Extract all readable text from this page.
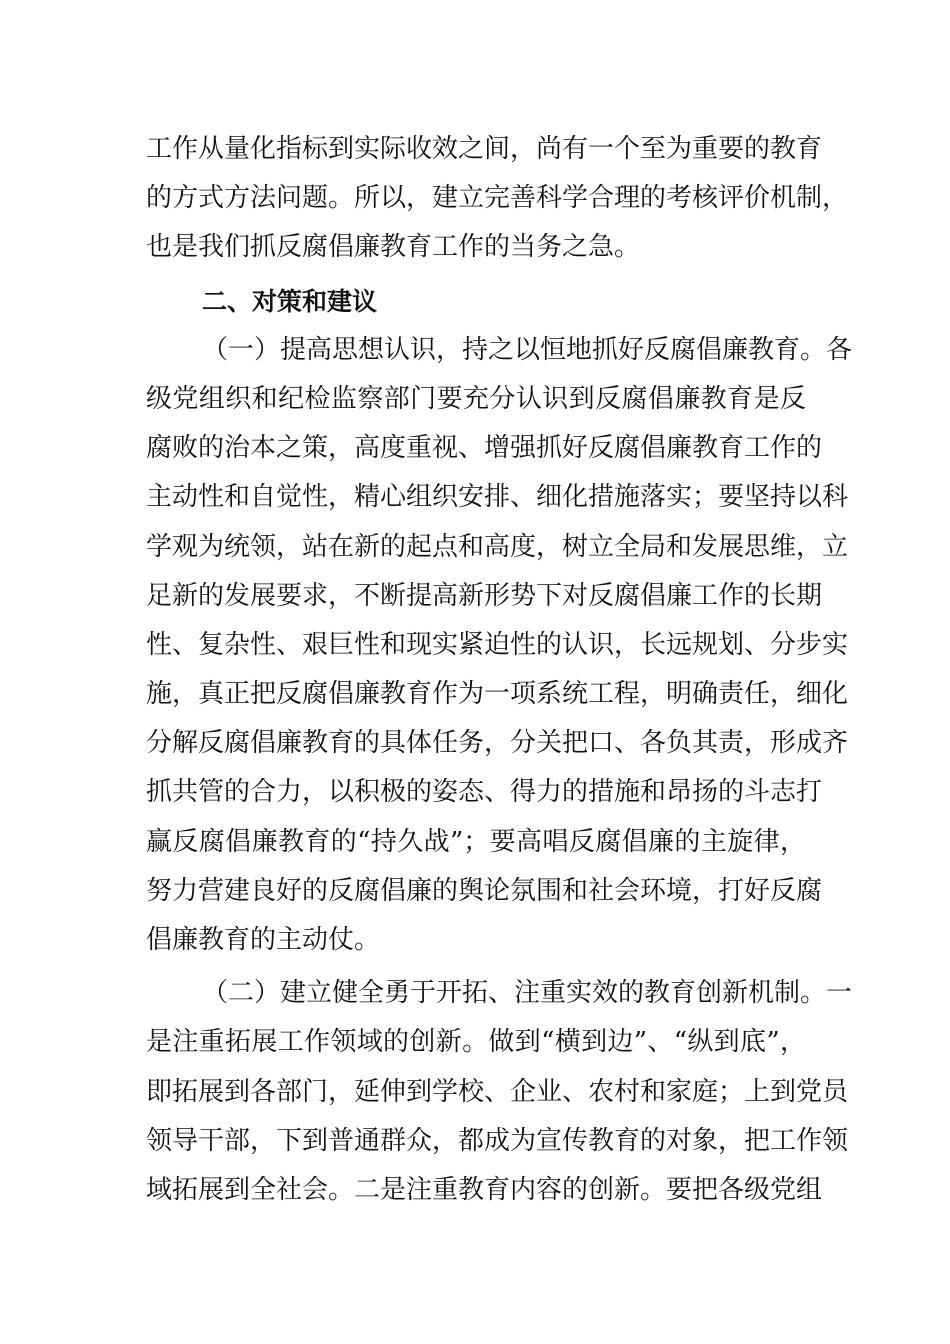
工作从量化指标到实际收效之间，尚有一个至为重要的教育
的方式方法问题。所以，建立完善科学合理的考核评价机制，
也是我们抓反腐倡廉教育工作的当务之急。
二、对策和建议
（一）提高思想认识，持之以恒地抓好反腐倡廉教育。各
级党组织和纪检监察部门要充分认识到反腐倡廉教育是反
腐败的治本之策，高度重视、增强抓好反腐倡廉教育工作的
主动性和自觉性，精心组织安排、细化措施落实；要坚持以科
学观为统领，站在新的起点和高度，树立全局和发展思维，立
足新的发展要求，不断提高新形势下对反腐倡廉工作的长期
性、复杂性、艰巨性和现实紧迫性的认识，长远规划、分步实
施，真正把反腐倡廉教育作为一项系统工程，明确责任，细化
分解反腐倡廉教育的具体任务，分关把口、各负其责，形成齐
抓共管的合力，以积极的姿态、得力的措施和昂扬的斗志打
赢反腐倡廉教育的“持久战”；要高唱反腐倡廉的主旋律，
努力营建良好的反腐倡廉的舆论氛围和社会环境，打好反腐
倡廉教育的主动仗。
（二）建立健全勇于开拓、注重实效的教育创新机制。一
是注重拓展工作领域的创新。做到“横到边”、“纵到底”，
即拓展到各部门，延伸到学校、企业、农村和家庭；上到党员
领导干部，下到普通群众，都成为宣传教育的对象，把工作领
域拓展到全社会。二是注重教育内容的创新。要把各级党组
